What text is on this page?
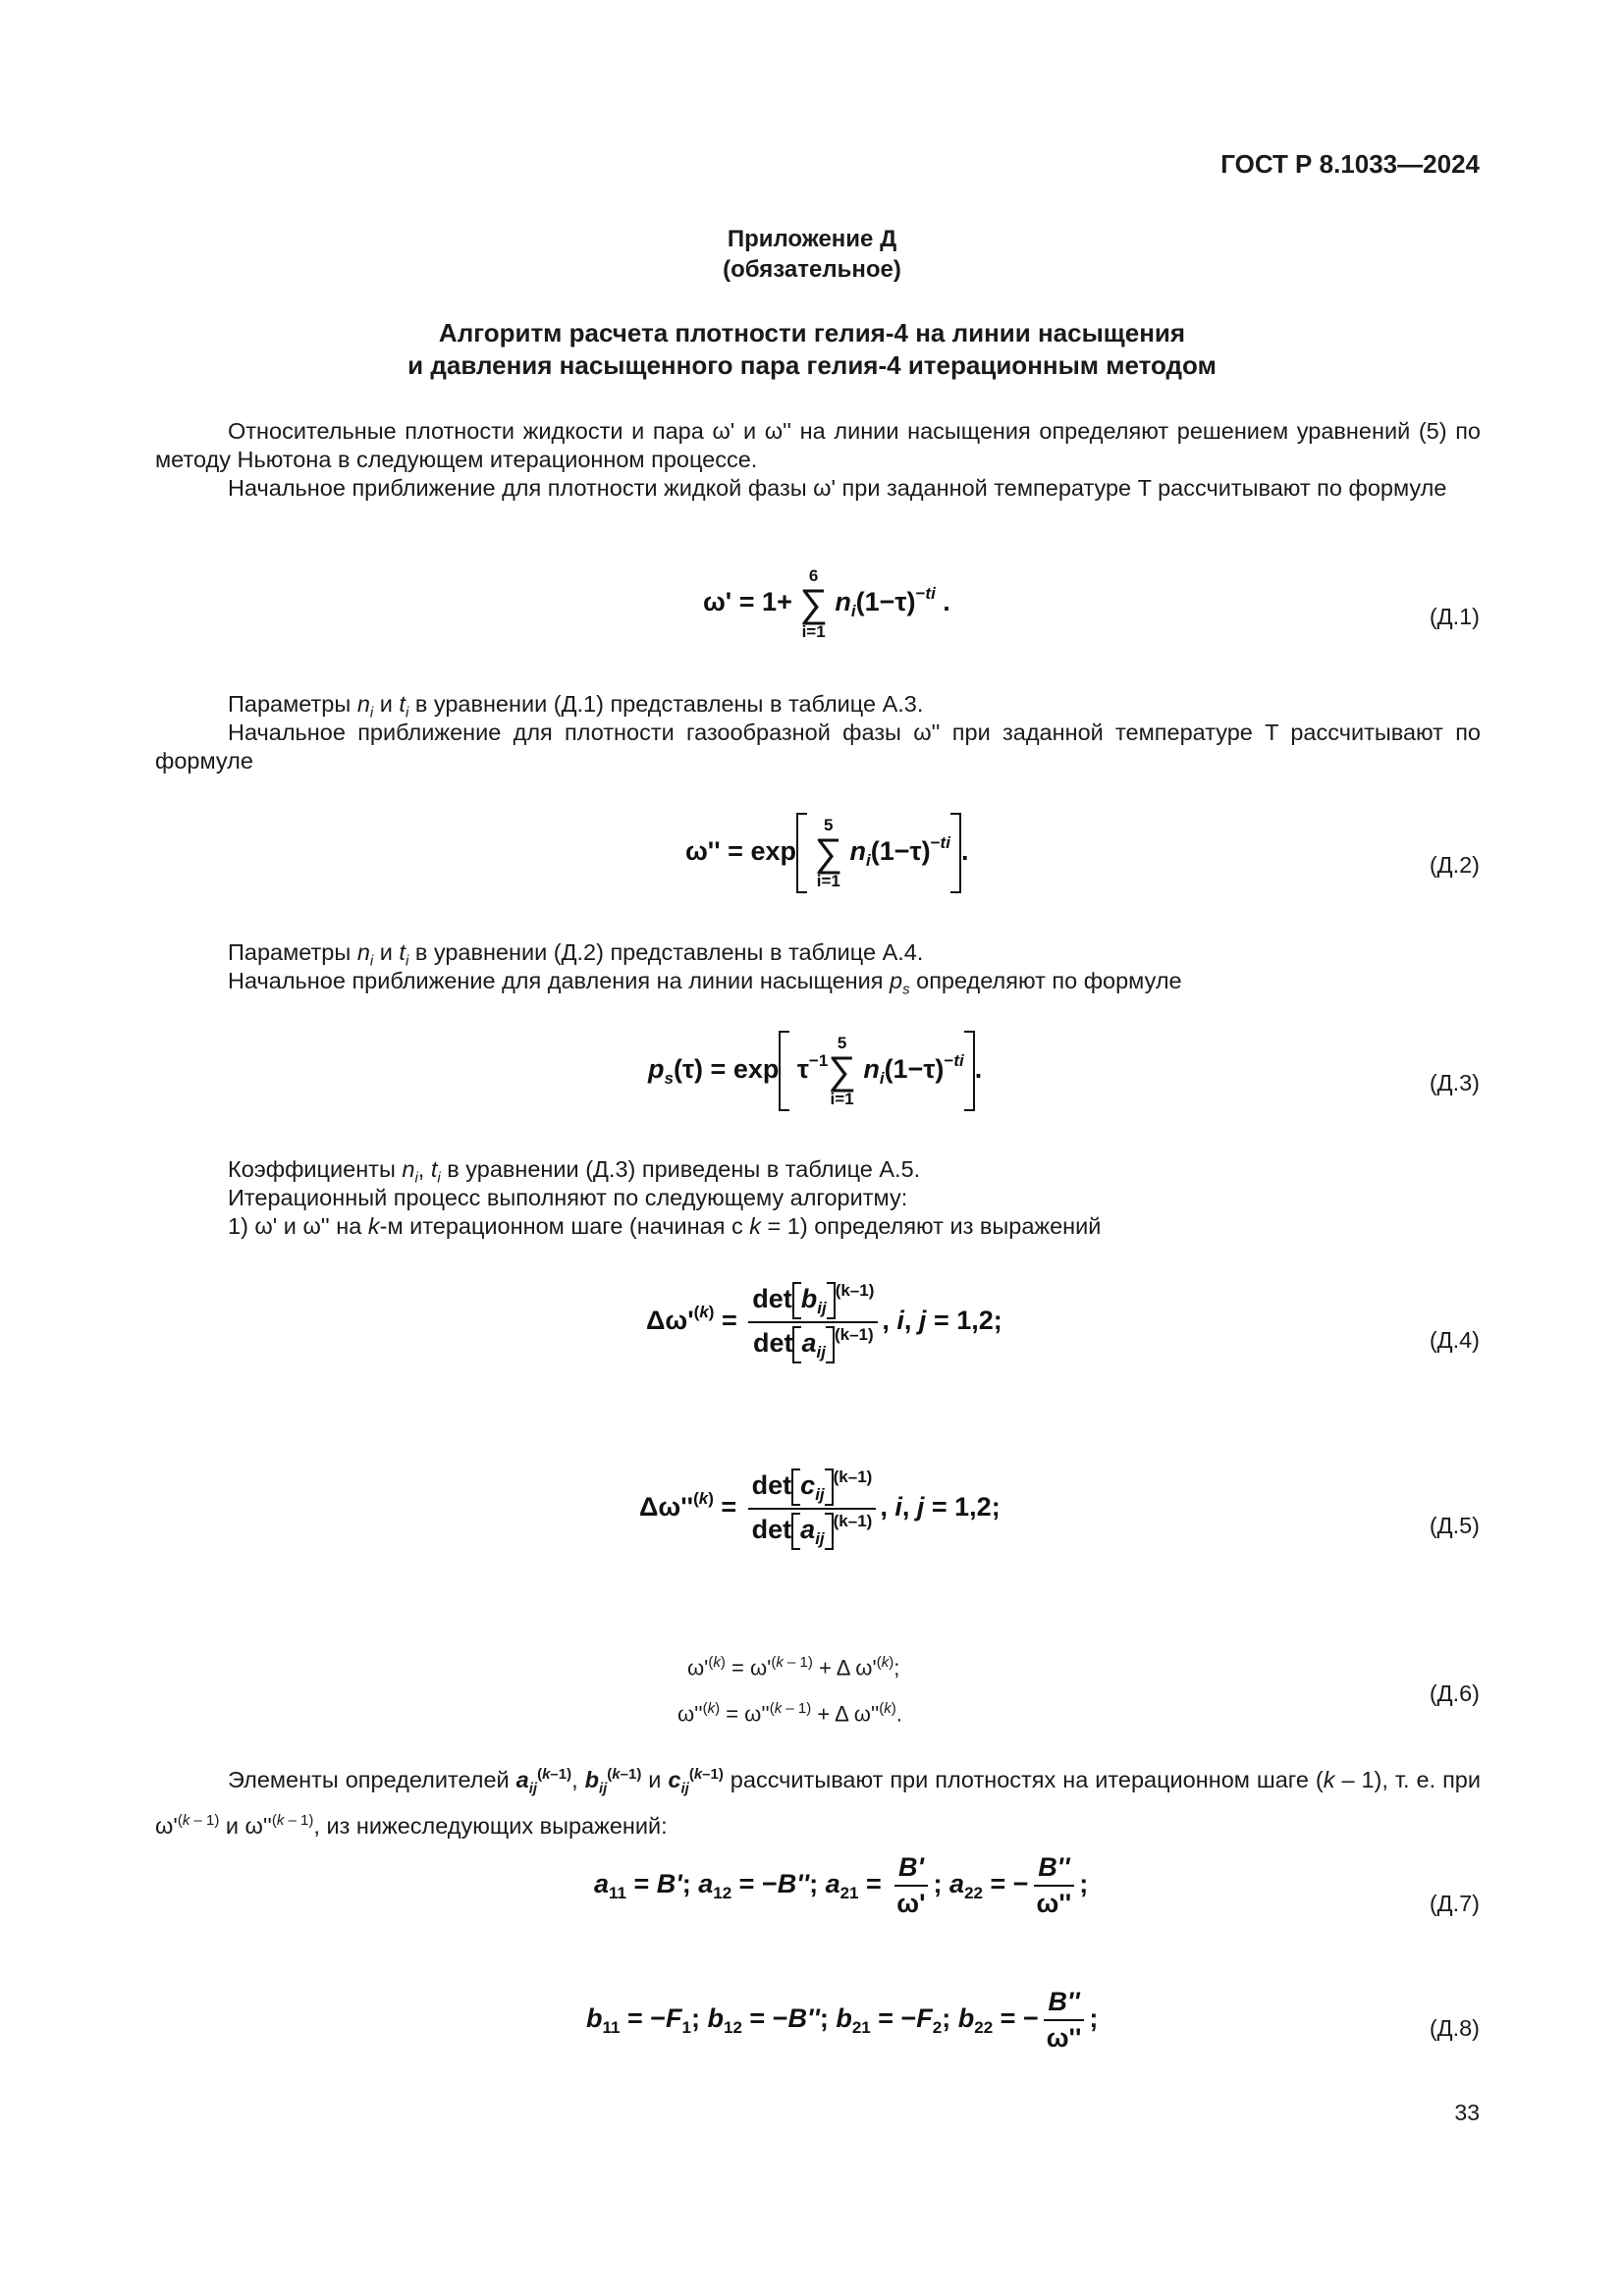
ГОСТ Р 8.1033—2024
Приложение Д
(обязательное)
Алгоритм расчета плотности гелия-4 на линии насыщения
и давления насыщенного пара гелия-4 итерационным методом
Относительные плотности жидкости и пара ω' и ω'' на линии насыщения определяют решением уравнений (5) по методу Ньютона в следующем итерационном процессе.
Начальное приближение для плотности жидкой фазы ω' при заданной температуре T рассчитывают по формуле
ω' = 1+
6
∑
i=1
$n_i(1-\tau)^{-ti}$ .	(Д.1)
Параметры $n_i$ и $t_i$ в уравнении (Д.1) представлены в таблице А.3.
Начальное приближение для плотности газообразной фазы ω'' при заданной температуре T рассчитывают по формуле
ω'' = exp
5
∑
i=1
$n_i(1-\tau)^{-ti}$ .	(Д.2)
Параметры $n_i$ и $t_i$ в уравнении (Д.2) представлены в таблице А.4.
Начальное приближение для давления на линии насыщения $p_s$ определяют по формуле
$p_s(\tau) = \exp \tau^{-1}$
5
∑
i=1
$n_i(1-\tau)^{-ti}$ .	(Д.3)
Коэффициенты $n_i$, $t_i$ в уравнении (Д.3) приведены в таблице А.5.
Итерационный процесс выполняют по следующему алгоритму:
1) ω' и ω'' на k-м итерационном шаге (начиная с k = 1) определяют из выражений
$\Delta\omega'^{(k)} = \frac{\det b_{ij}^{(k-1)}}{\det a_{ij}^{(k-1)}}$ , i, j = 1,2;
(Д.4)
$\Delta\omega''^{(k)} = \frac{\det c_{ij}^{(k-1)}}{\det a_{ij}^{(k-1)}}$ , i, j = 1,2;
(Д.5)
$\omega'^{(k)} = \omega'^{(k - 1)} + \Delta$ $\omega'^{(k)}$;
$\omega''^{(k)} = \omega''^{(k - 1)} + \Delta$ $\omega''^{(k)}$.
(Д.6)
Элементы определителей $a_{ij}^{(k-1)}$, $b_{ij}^{(k-1)}$ и $c_{ij}^{(k-1)}$ рассчитывают при плотностях на итерационном шаге (k – 1), т. е. при $\omega'^{(k - 1)}$ и $\omega''^{(k - 1)}$, из нижеследующих выражений:
$a_{11} = B'$; $a_{12} = -B''$; $a_{21} = \frac{B'}{\omega'}$ ; $a_{22}$ = − $\frac{B''}{\omega''}$ ;
(Д.7)
$b_{11} = -F_1$; $b_{12} = -B''$; $b_{21} = -F_2$; $b_{22}$ = − $\frac{B''}{\omega''}$ ;	(Д.8)
33
